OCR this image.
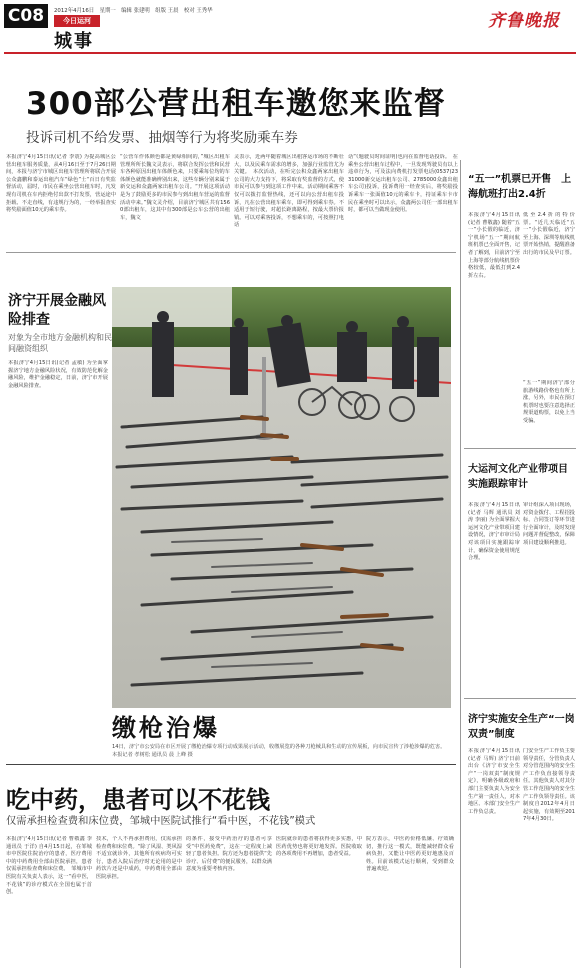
C08	2012年4月16日　星期一　编辑 张建明　组版 王晨　校对 王秀华
今日运河
城事
齐鲁晚报
300部公营出租车邀您来监督
投诉司机不给发票、抽烟等行为将奖励乘车券
本报济宁4月15日讯(记者 李震) 为提高城区公营出租车服务质量，从4月16日至于7月26日期间，本报与济宁市城区出租车管理所将联合开展公众鑫鹏和泰运出租汽车“绿色”士“百日有奖监督活动，届时，市民在乘坐公营出租车时，凡发现有司机在车内拒绝付出款不打发票，营运途中拒载、不走直线，有违规行为的，一经举报查实将奖励面值10元的乘车券。
“公营车作体颜色都是黄绿相间的，”城区出租车管理所所长魏文灵表示，将联合发挥公营和民营车各种原因出租车体颜色来，只要乘每位均的车体颜色就能准确辨别出来，这些车辆分别来属于新交运和众鑫两家出租车公司。“开展这项活动是为了鼓励更多的市民参与到出租车营运的监督活动中来。”魏文灵介绍，目前济宁城区共有1560部出租车，这其中有300部是公车公营的出租车，魏文
灵表示，近两年随着城区出租客运市场的不断壮大，以及民乘车需求的增多，加强行业监管尤为关键。　本次活动，在听完公积众鑫两家出租车公司的大力支持下，将采取有奖监督的方式，使市民可以参与到这项工作中来。活动期间乘客不仅可以拨打监督热线，还可以向公营出租车投诉，凡在公营出租车乘车，即可得到乘车券。不适用于短行驶，对超长距离路程，按最大票价报销。可以对乘客投诉，不想乘车的，可按照打电话
话“《题驶员时间证明)也向在监督电话投诉。　在乘坐公营出租车过程中，一旦发现驾驶员有以上违章行为，可及法向费机打发票电话(0537)2331000新交运出租车公司、2785000众鑫出租车公司)投诉，投诉费用一经查实后，将奖励投诉乘车一张面值10元的乘车卡，持证乘车卡市民在乘坐时可以出示，众鑫两公司任一部出租车时，都可以当做现金使用。
济宁开展金融风险排查
对象为全市地方金融机构和民间融资组织
本报济宁4月15日讯(记者 孟敏) 为全面掌握济宁地方金融风险状况，有效防范化解金融风险，维护金融稳定，日前，济宁市开展金融风险排查。
缴枪治爆
14日，济宁市公安局在市区开展了缴枪治爆专项行动成果展示活动，收缴展览的各种刀枪械具和生动的宣传展板，向市民宣传了涉枪涉爆的危害。　本报记者 孝树松 通讯员 晨 上峰 摄
吃中药，患者可以不花钱
仅需承担检查费和床位费，邹城中医院试推行“看中医，不花钱”模式
本报济宁4月15日讯(记者 曹敬鑫 李 通讯员 于洋) 自4月15日起，在邹城市中医院住院治疗的患者，医疗费用中的中药费用全部由医院承担，患者仅需承担检查费和床位费。　邹城市中医院有关负责人表示，这一“看中医，不花钱”的诊疗模式在全国也属于首创。
技术，个人不再承担费用，仅需承担检查费和床位费。“除了风湿、类风湿不适宜就诊外，其他所有疾病均可实行，患者入院后治疗时无论用的是中药饮片还是中成药，中药费用全部由医院承担。
的条件，接受中药治疗的患者可享受“中医药免费”，这在一定程度上减轻了患者负担。院方还为患者提供“先诊疗、后付费”的便民服务，以群众满意度为重要考核内容。
医院就诊的患者将获得更多实惠，中医药优势也将更好地发挥。医院收取的各项费用不再增加，患者受益。
院方表示，中医药价格低廉、疗效确切，推行这一模式，既能减轻群众看病负担，又能让中医药更好地惠及百姓。目前该模式运行顺利，受到群众普遍欢迎。
“五一”机票已开售　上海航班打出2.4折
本报济宁4月15日讯(记者 曹敬鑫) 随着“五一”小长假的临近，济宁机场“五一”期间航班机票已全面开售，记者了解到，目前济宁至上海等部分航线机票价格较低，最低打到2.4折左右。
低至2.4折的特价票。“近几天临近“五一”小长假临近，济宁至上海、深圳等航线机票开始热销，提醒准备出行的市民及早订票。
“五一”期间济宁部分旅游线路价格也有所上涨，另外，市民在预订机票时也要注意选择正规渠道购票，以免上当受骗。
大运河文化产业带项目实施跟踪审计
本报济宁4月15日讯(记者 马辉 通讯员 刘涛 李丽) 为全面掌握大运河文化产业带项目建设情况，济宁市审计局对该项目实施跟踪审计，确保资金使用规范合理。
审计组深入项目现场，对资金拨付、工程招投标、合同签订等环节进行全面审计，及时发现问题并督促整改，保障项目建设顺利推进。
济宁实施安全生产“一岗双责”制度
本报济宁4月15日讯(记者 马辉) 济宁日前出台《济宁市安全生产“一岗双责”制度规定》，明确各级政府和部门主要负责人为安全生产第一责任人，对本地区、本部门安全生产工作负总责。
门安全生产工作负主要领导责任，分管负责人对分管范围内的安全生产工作负直接领导责任。其他负责人对其分管工作范围内的安全生产工作负领导责任。该制度自2012年4月日起实施，有效期至2017年4月30日。
